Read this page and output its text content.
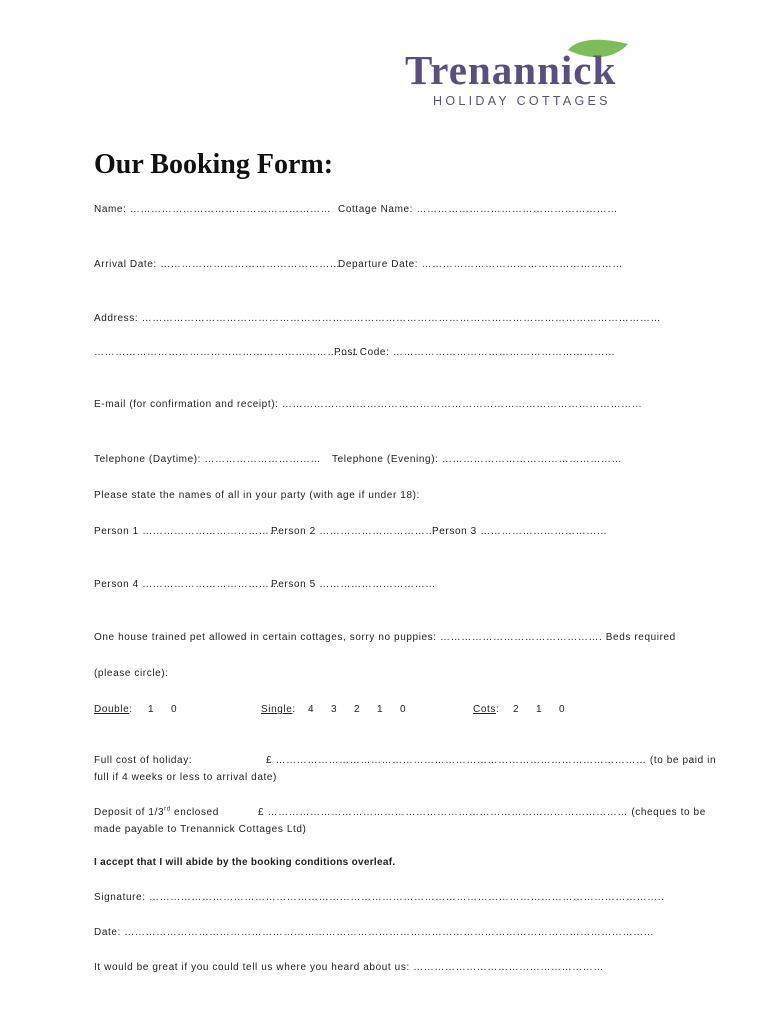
Trenannick
HOLIDAY COTTAGES
Our Booking Form:
Name: ………………………………………………… Cottage Name: …………………………………………………
Arrival Date: ……………………………………………
Departure Date: …………………………………………………
Address: …………………………………………………………………………………………………………………………………
…………………………………………………………………
Post Code: ………………………………………………………
E-mail (for confirmation and receipt): …………………………………………………………………………………………
Telephone (Daytime): …………………………… Telephone (Evening): ……………………………………………
Please state the names of all in your party (with age if under 18):
Person 1 …………………………………
Person 2 ……………………………
Person 3 ………………………………
Person 4 …………………………………
Person 5 ……………………………
One house trained pet allowed in certain cottages, sorry no puppies: ………………………………………. Beds required
(please circle):
Double: 1 0	Single: 4 3 2 1 0	Cots: 2 1 0
Full cost of holiday:	£ …………………………………………………………………………………………… (to be paid in
full if 4 weeks or less to arrival date)
Deposit of 1/3rd enclosed	£ ………………………………………………………………………………………… (cheques to be
made payable to Trenannick Cottages Ltd)
I accept that I will abide by the booking conditions overleaf.
Signature: ………………………………………………………………………………………………………………………………..
Date: ……………………………………………………………………………………………………………………………………
It would be great if you could tell us where you heard about us: ………………………………………………
